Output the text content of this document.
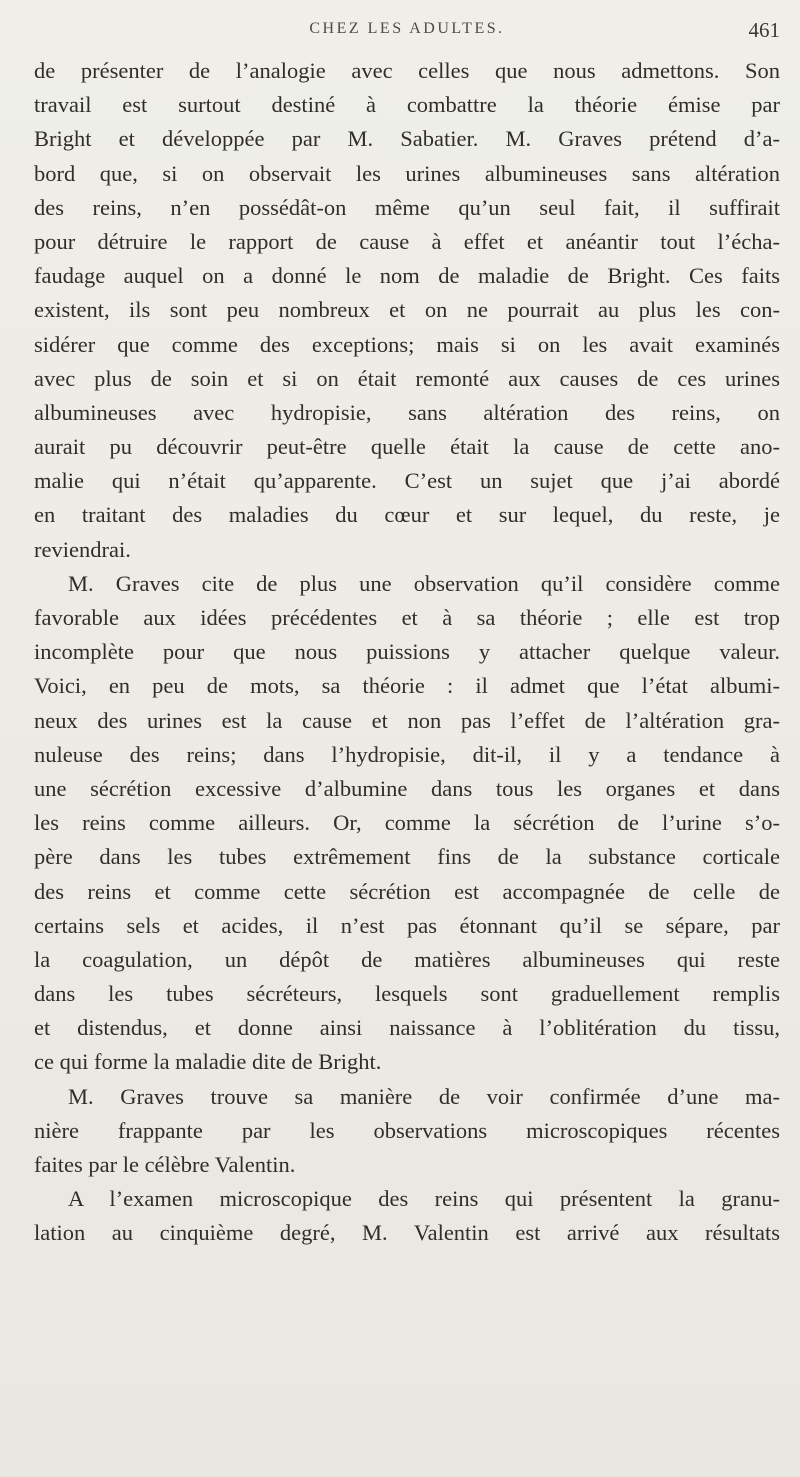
CHEZ LES ADULTES.	461
de présenter de l’analogie avec celles que nous admettons. Son
travail est surtout destiné à combattre la théorie émise par
Bright et développée par M. Sabatier. M. Graves prétend d’a-
bord que, si on observait les urines albumineuses sans altération
des reins, n’en possédât-on même qu’un seul fait, il suffirait
pour détruire le rapport de cause à effet et anéantir tout l’écha-
faudage auquel on a donné le nom de maladie de Bright. Ces faits
existent, ils sont peu nombreux et on ne pourrait au plus les con-
sidérer que comme des exceptions; mais si on les avait examinés
avec plus de soin et si on était remonté aux causes de ces urines
albumineuses avec hydropisie, sans altération des reins, on
aurait pu découvrir peut-être quelle était la cause de cette ano-
malie qui n’était qu’apparente. C’est un sujet que j’ai abordé
en traitant des maladies du cœur et sur lequel, du reste, je
reviendrai.
M. Graves cite de plus une observation qu’il considère comme
favorable aux idées précédentes et à sa théorie ; elle est trop
incomplète pour que nous puissions y attacher quelque valeur.
Voici, en peu de mots, sa théorie : il admet que l’état albumi-
neux des urines est la cause et non pas l’effet de l’altération gra-
nuleuse des reins; dans l’hydropisie, dit-il, il y a tendance à
une sécrétion excessive d’albumine dans tous les organes et dans
les reins comme ailleurs. Or, comme la sécrétion de l’urine s’o-
père dans les tubes extrêmement fins de la substance corticale
des reins et comme cette sécrétion est accompagnée de celle de
certains sels et acides, il n’est pas étonnant qu’il se sépare, par
la coagulation, un dépôt de matières albumineuses qui reste
dans les tubes sécréteurs, lesquels sont graduellement remplis
et distendus, et donne ainsi naissance à l’oblitération du tissu,
ce qui forme la maladie dite de Bright.
M. Graves trouve sa manière de voir confirmée d’une ma-
nière frappante par les observations microscopiques récentes
faites par le célèbre Valentin.
A l’examen microscopique des reins qui présentent la granu-
lation au cinquième degré, M. Valentin est arrivé aux résultats
